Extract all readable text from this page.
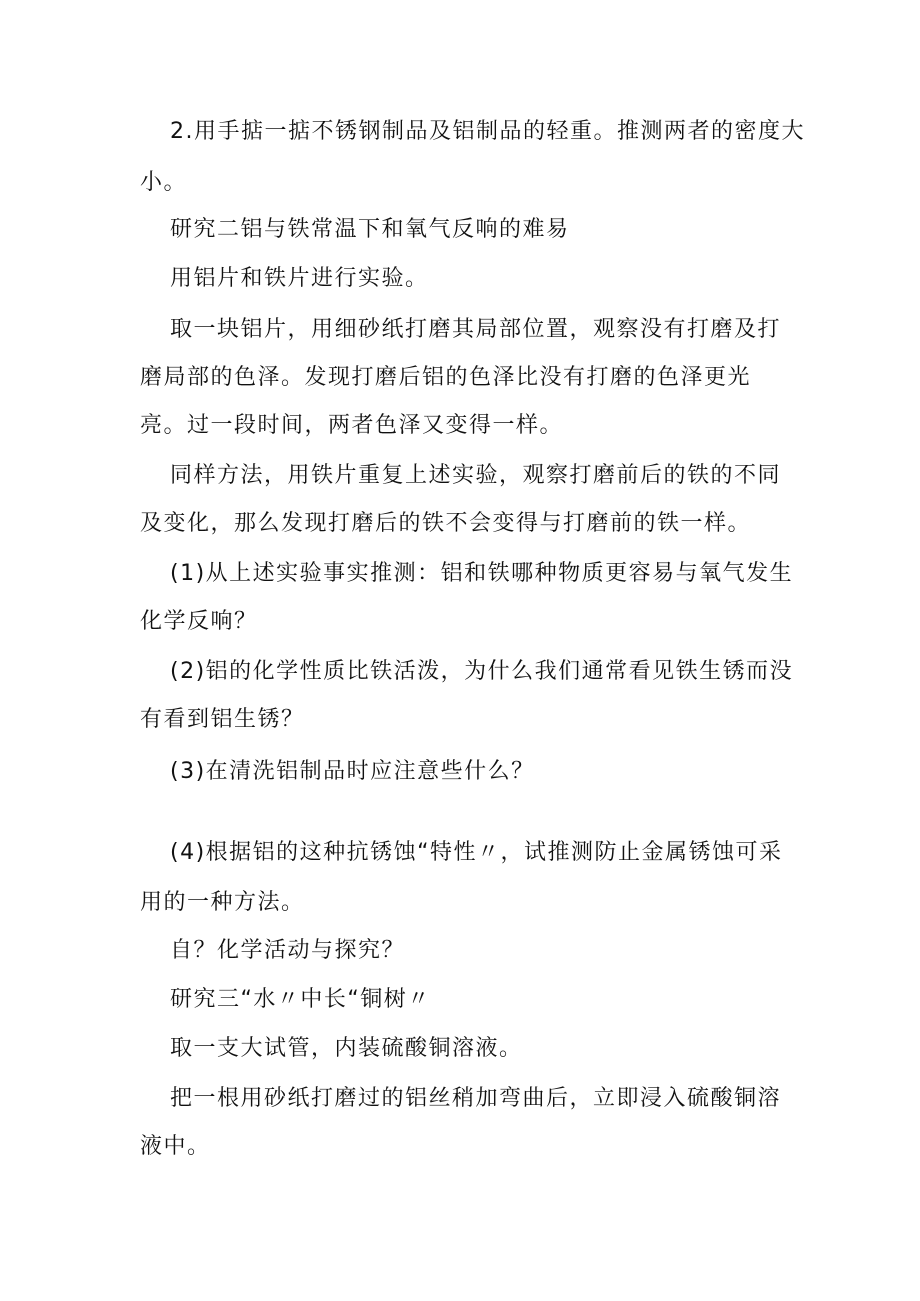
2.用手掂一掂不锈钢制品及铝制品的轻重。推测两者的密度大
小。
研究二铝与铁常温下和氧气反响的难易
用铝片和铁片进行实验。
取一块铝片，用细砂纸打磨其局部位置，观察没有打磨及打
磨局部的色泽。发现打磨后铝的色泽比没有打磨的色泽更光
亮。过一段时间，两者色泽又变得一样。
同样方法，用铁片重复上述实验，观察打磨前后的铁的不同
及变化，那么发现打磨后的铁不会变得与打磨前的铁一样。
(1)从上述实验事实推测：铝和铁哪种物质更容易与氧气发生
化学反响？
(2)铝的化学性质比铁活泼，为什么我们通常看见铁生锈而没
有看到铝生锈？
(3)在清洗铝制品时应注意些什么？
(4)根据铝的这种抗锈蚀“特性〃，试推测防止金属锈蚀可采
用的一种方法。
自？化学活动与探究？
研究三“水〃中长“铜树〃
取一支大试管，内装硫酸铜溶液。
把一根用砂纸打磨过的铝丝稍加弯曲后，立即浸入硫酸铜溶
液中。
